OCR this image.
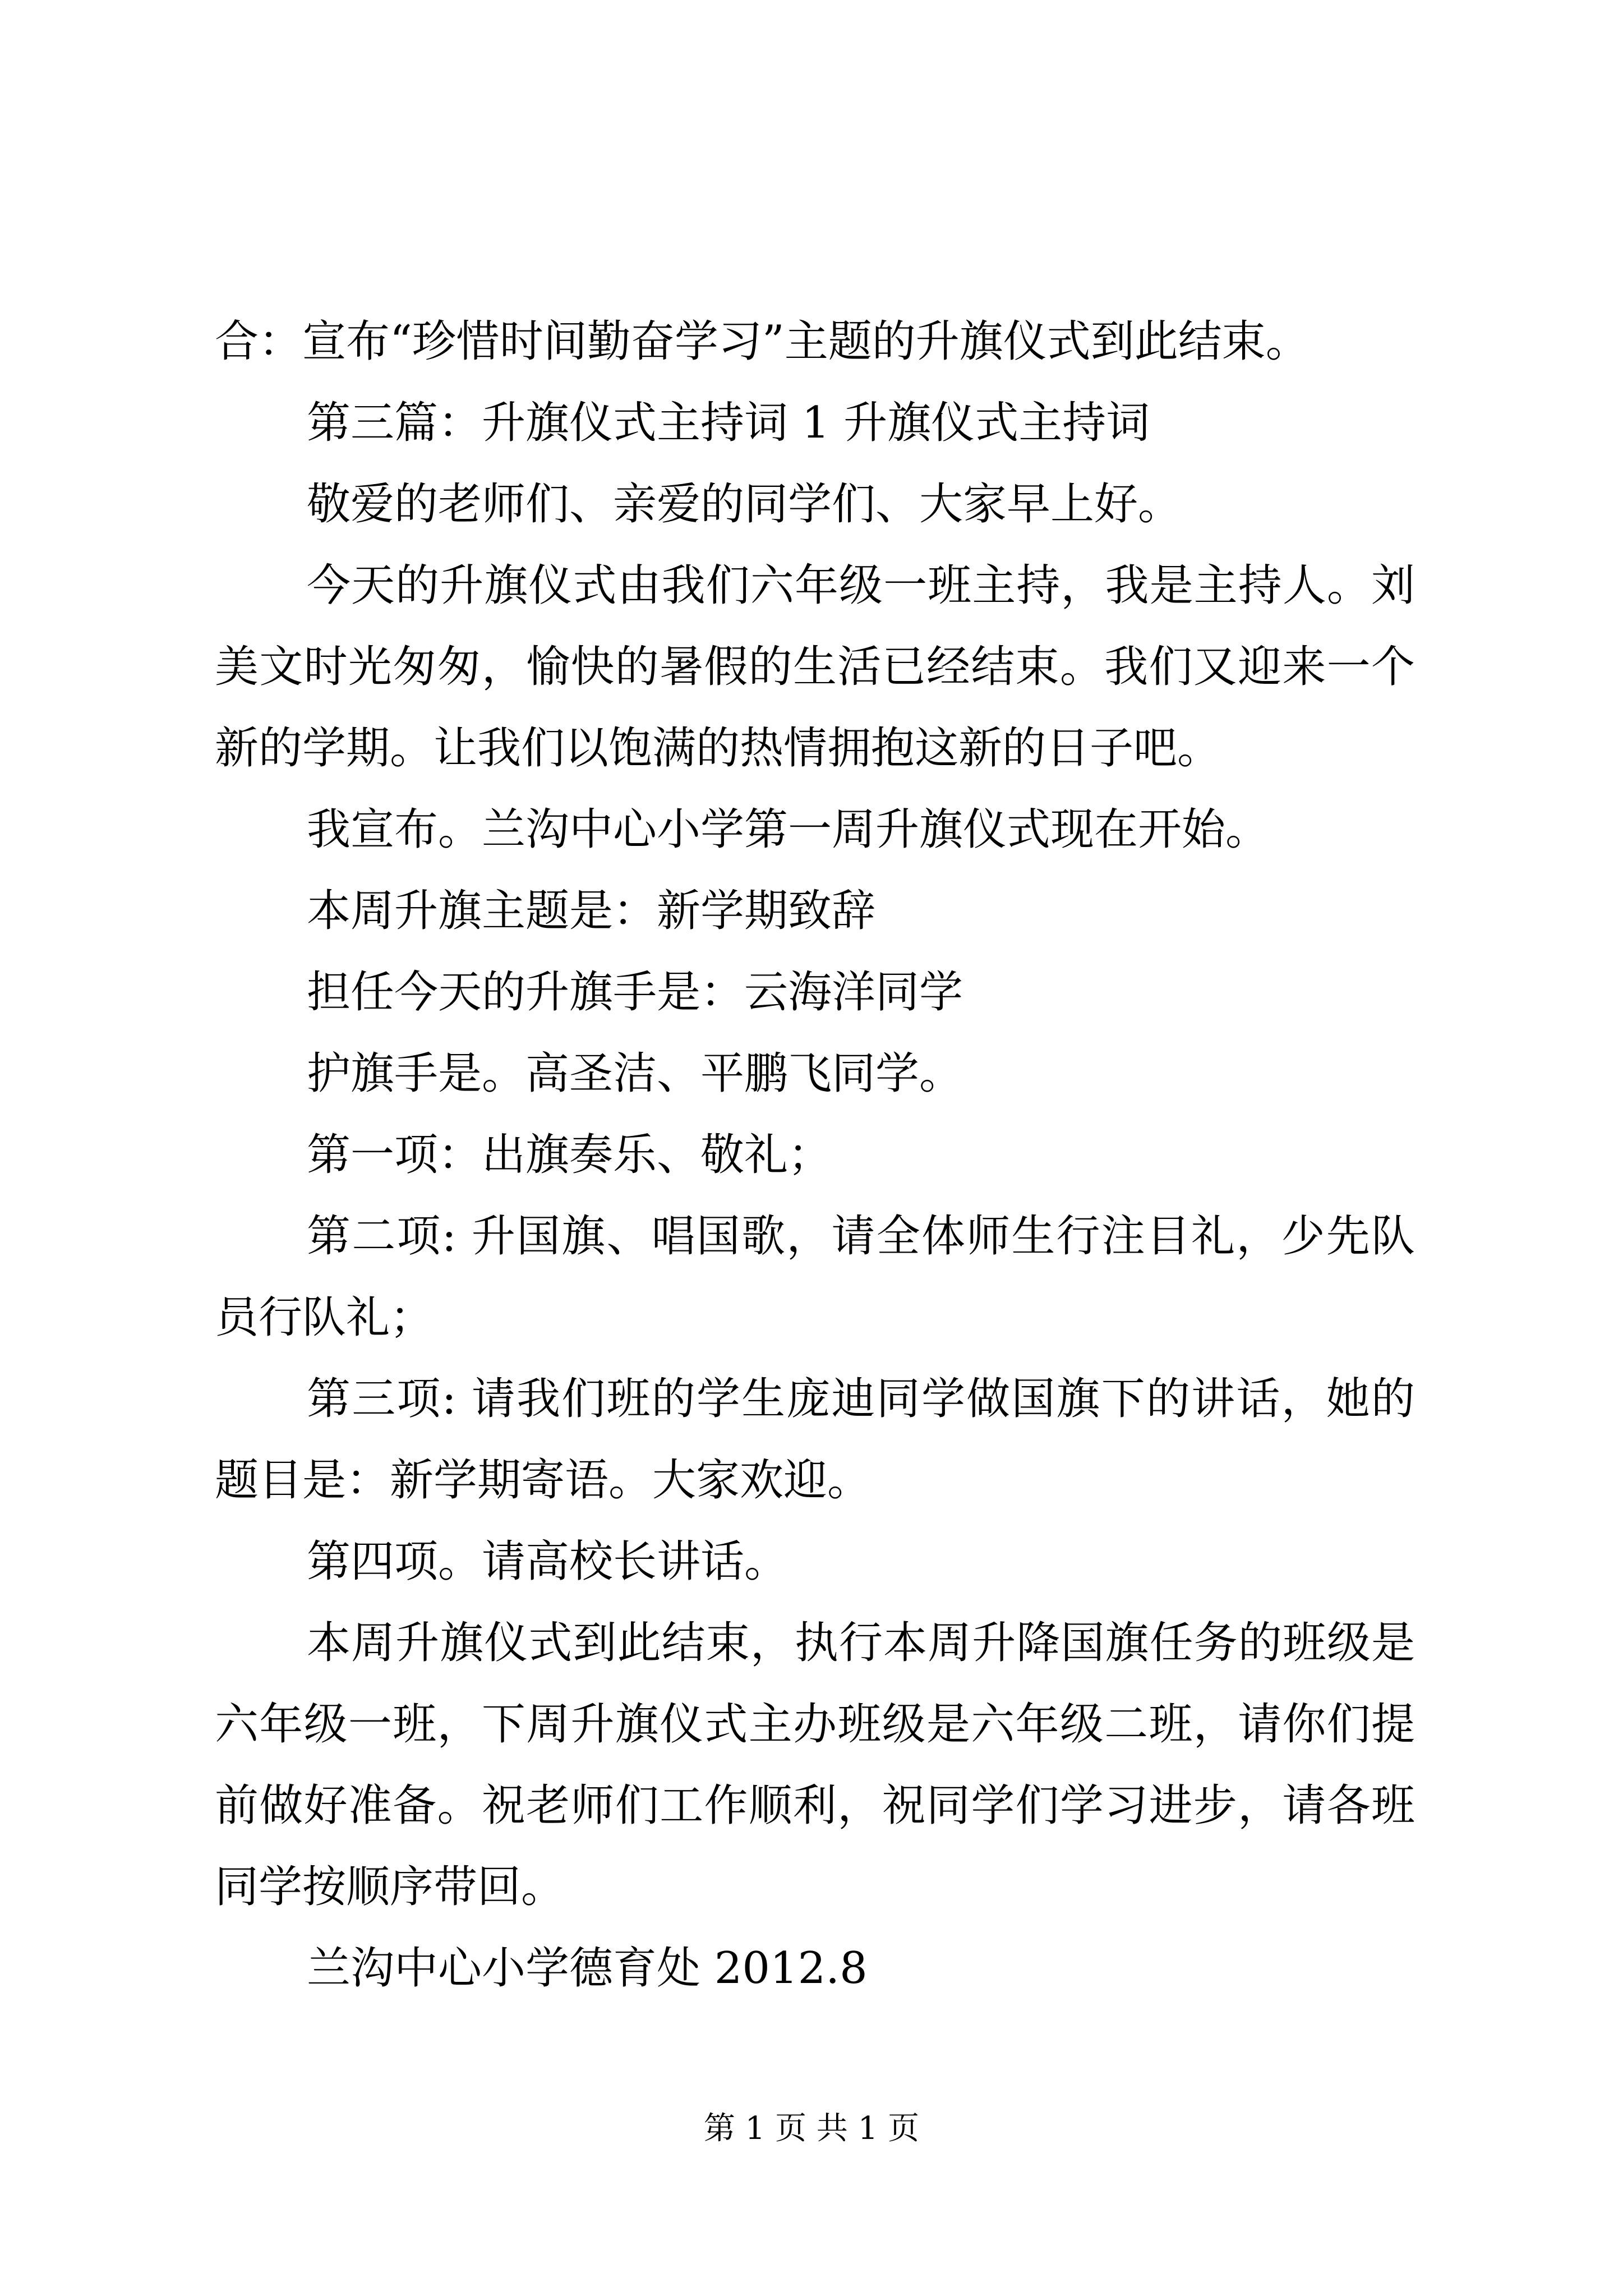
合：宣布“珍惜时间勤奋学习”主题的升旗仪式到此结束。

第三篇：升旗仪式主持词 1 升旗仪式主持词

敬爱的老师们、亲爱的同学们、大家早上好。

今天的升旗仪式由我们六年级一班主持，我是主持人。刘美文时光匆匆，愉快的暑假的生活已经结束。我们又迎来一个新的学期。让我们以饱满的热情拥抱这新的日子吧。

我宣布。兰沟中心小学第一周升旗仪式现在开始。

本周升旗主题是：新学期致辞

担任今天的升旗手是：云海洋同学

护旗手是。高圣洁、平鹏飞同学。

第一项：出旗奏乐、敬礼；

第二项: 升国旗、唱国歌，请全体师生行注目礼，少先队员行队礼；

第三项: 请我们班的学生庞迪同学做国旗下的讲话，她的题目是：新学期寄语。大家欢迎。

第四项。请高校长讲话。

本周升旗仪式到此结束，执行本周升降国旗任务的班级是六年级一班，下周升旗仪式主办班级是六年级二班，请你们提前做好准备。祝老师们工作顺利，祝同学们学习进步，请各班同学按顺序带回。

兰沟中心小学德育处 2012.8

第 1 页 共 1 页
